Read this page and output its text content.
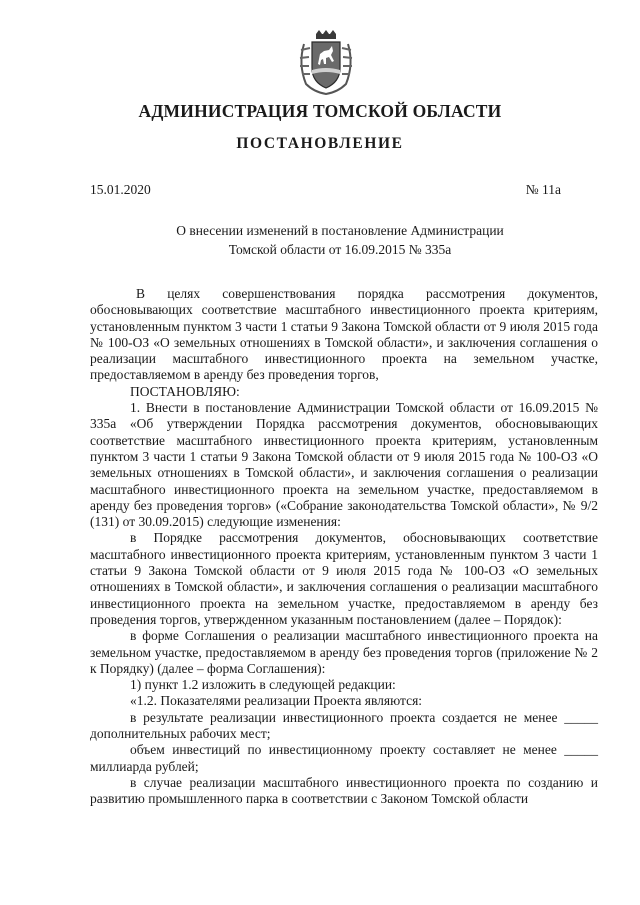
АДМИНИСТРАЦИЯ ТОМСКОЙ ОБЛАСТИ
ПОСТАНОВЛЕНИЕ
15.01.2020	№ 11а

О внесении изменений в постановление Администрации
Томской области от 16.09.2015 № 335а

В целях совершенствования порядка рассмотрения документов, обосновывающих соответствие масштабного инвестиционного проекта критериям, установленным пунктом 3 части 1 статьи 9 Закона Томской области от 9 июля 2015 года № 100-ОЗ «О земельных отношениях в Томской области», и заключения соглашения о реализации масштабного инвестиционного проекта на земельном участке, предоставляемом в аренду без проведения торгов,

ПОСТАНОВЛЯЮ:

1. Внести в постановление Администрации Томской области от 16.09.2015 № 335а «Об утверждении Порядка рассмотрения документов, обосновывающих соответствие масштабного инвестиционного проекта критериям, установленным пунктом 3 части 1 статьи 9 Закона Томской области от 9 июля 2015 года № 100-ОЗ «О земельных отношениях в Томской области», и заключения соглашения о реализации масштабного инвестиционного проекта на земельном участке, предоставляемом в аренду без проведения торгов» («Собрание законодательства Томской области», № 9/2 (131) от 30.09.2015) следующие изменения:

в Порядке рассмотрения документов, обосновывающих соответствие масштабного инвестиционного проекта критериям, установленным пунктом 3 части 1 статьи 9 Закона Томской области от 9 июля 2015 года № 100-ОЗ «О земельных отношениях в Томской области», и заключения соглашения о реализации масштабного инвестиционного проекта на земельном участке, предоставляемом в аренду без проведения торгов, утвержденном указанным постановлением (далее – Порядок):

в форме Соглашения о реализации масштабного инвестиционного проекта на земельном участке, предоставляемом в аренду без проведения торгов (приложение № 2 к Порядку) (далее – форма Соглашения):

1) пункт 1.2 изложить в следующей редакции:

«1.2. Показателями реализации Проекта являются:

в результате реализации инвестиционного проекта создается не менее _____ дополнительных рабочих мест;

объем инвестиций по инвестиционному проекту составляет не менее _____ миллиарда рублей;

в случае реализации масштабного инвестиционного проекта по созданию и развитию промышленного парка в соответствии с Законом Томской области
